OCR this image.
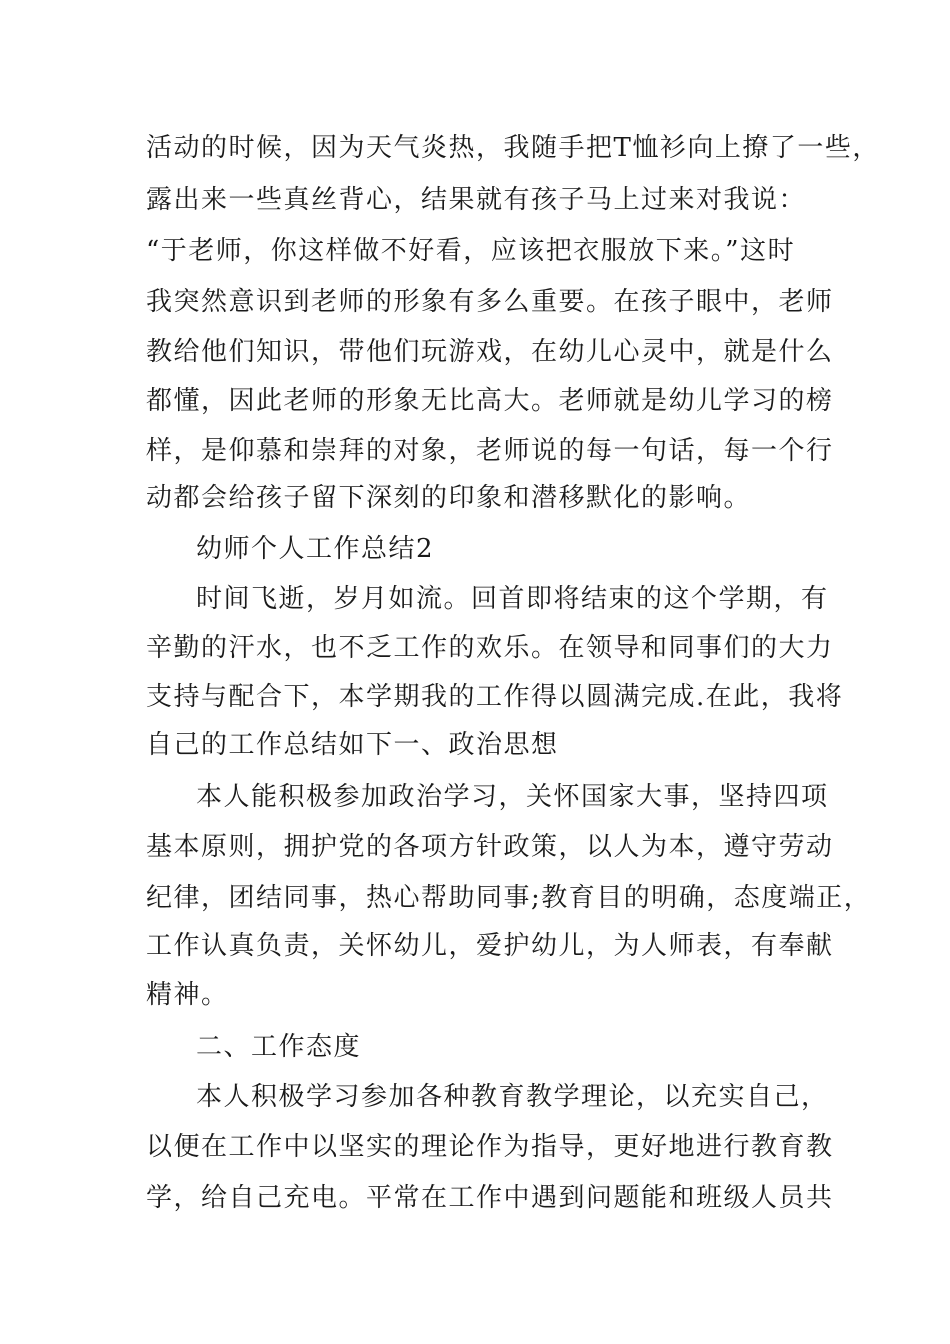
活动的时候，因为天气炎热，我随手把T恤衫向上撩了一些，
露出来一些真丝背心，结果就有孩子马上过来对我说：
“于老师，你这样做不好看，应该把衣服放下来。”这时
我突然意识到老师的形象有多么重要。在孩子眼中，老师
教给他们知识，带他们玩游戏，在幼儿心灵中，就是什么
都懂，因此老师的形象无比高大。老师就是幼儿学习的榜
样，是仰慕和崇拜的对象，老师说的每一句话，每一个行
动都会给孩子留下深刻的印象和潜移默化的影响。
幼师个人工作总结2
时间飞逝，岁月如流。回首即将结束的这个学期，有
辛勤的汗水，也不乏工作的欢乐。在领导和同事们的大力
支持与配合下，本学期我的工作得以圆满完成.在此，我将
自己的工作总结如下一、政治思想
本人能积极参加政治学习，关怀国家大事，坚持四项
基本原则，拥护党的各项方针政策，以人为本，遵守劳动
纪律，团结同事，热心帮助同事;教育目的明确，态度端正，
工作认真负责，关怀幼儿，爱护幼儿，为人师表，有奉献
精神。
二、工作态度
本人积极学习参加各种教育教学理论，以充实自己，
以便在工作中以坚实的理论作为指导，更好地进行教育教
学，给自己充电。平常在工作中遇到问题能和班级人员共
